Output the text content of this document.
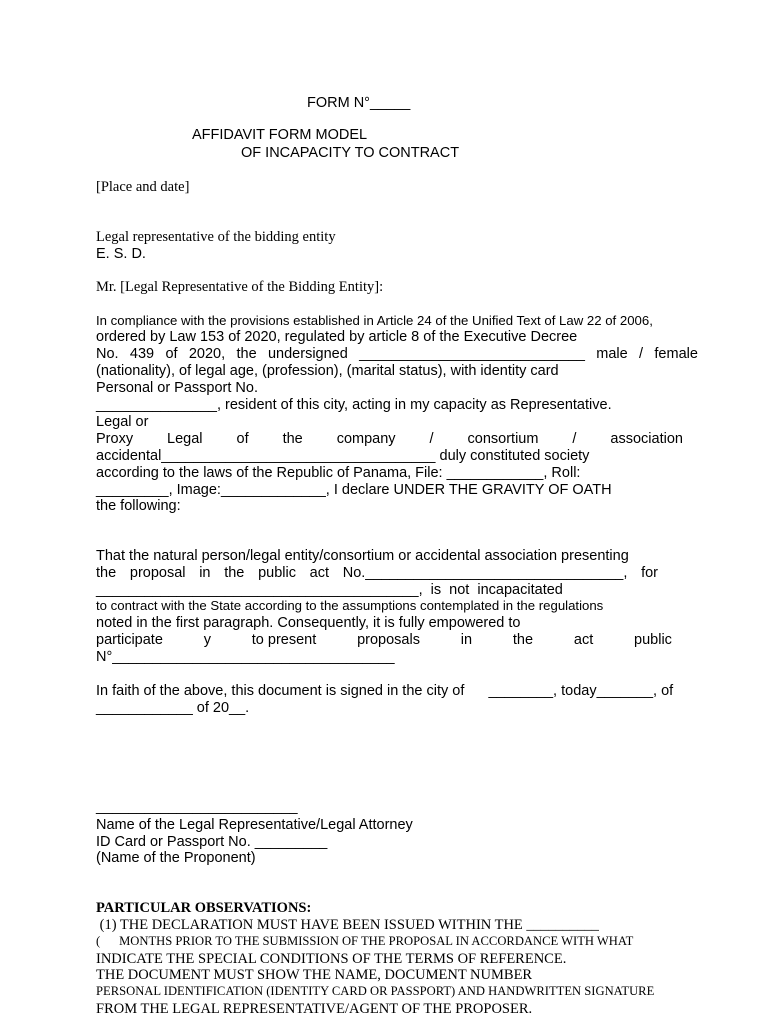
FORM N°_____
AFFIDAVIT FORM MODEL
OF INCAPACITY TO CONTRACT
[Place and date]
Legal representative of the bidding entity
E. S. D.
Mr. [Legal Representative of the Bidding Entity]:
In compliance with the provisions established in Article 24 of the Unified Text of Law 22 of 2006,
ordered by Law 153 of 2020, regulated by article 8 of the Executive Decree
No. 439 of 2020, the undersigned ____________________________ male / female
(nationality), of legal age, (profession), (marital status), with identity card
Personal or Passport No.
_______________, resident of this city, acting in my capacity as Representative.
Legal or
Proxy Legal of the company / consortium / association
accidental__________________________________ duly constituted society
according to the laws of the Republic of Panama, File: ____________, Roll:
_________, Image:_____________, I declare UNDER THE GRAVITY OF OATH
the following:
That the natural person/legal entity/consortium or accidental association presenting
the proposal in the public act No.________________________________, for
________________________________________,  is  not  incapacitated
to contract with the State according to the assumptions contemplated in the regulations
noted in the first paragraph. Consequently, it is fully empowered to
participate	y	to present	proposals	in	the	act	public
N°___________________________________
In faith of the above, this document is signed in the city of      ________, today_______, of
____________ of 20__.
_________________________
Name of the Legal Representative/Legal Attorney
ID Card or Passport No. _________
(Name of the Proponent)
PARTICULAR OBSERVATIONS:
(1) THE DECLARATION MUST HAVE BEEN ISSUED WITHIN THE __________
(      MONTHS PRIOR TO THE SUBMISSION OF THE PROPOSAL IN ACCORDANCE WITH WHAT
INDICATE THE SPECIAL CONDITIONS OF THE TERMS OF REFERENCE.
THE DOCUMENT MUST SHOW THE NAME, DOCUMENT NUMBER
PERSONAL IDENTIFICATION (IDENTITY CARD OR PASSPORT) AND HANDWRITTEN SIGNATURE
FROM THE LEGAL REPRESENTATIVE/AGENT OF THE PROPOSER.
